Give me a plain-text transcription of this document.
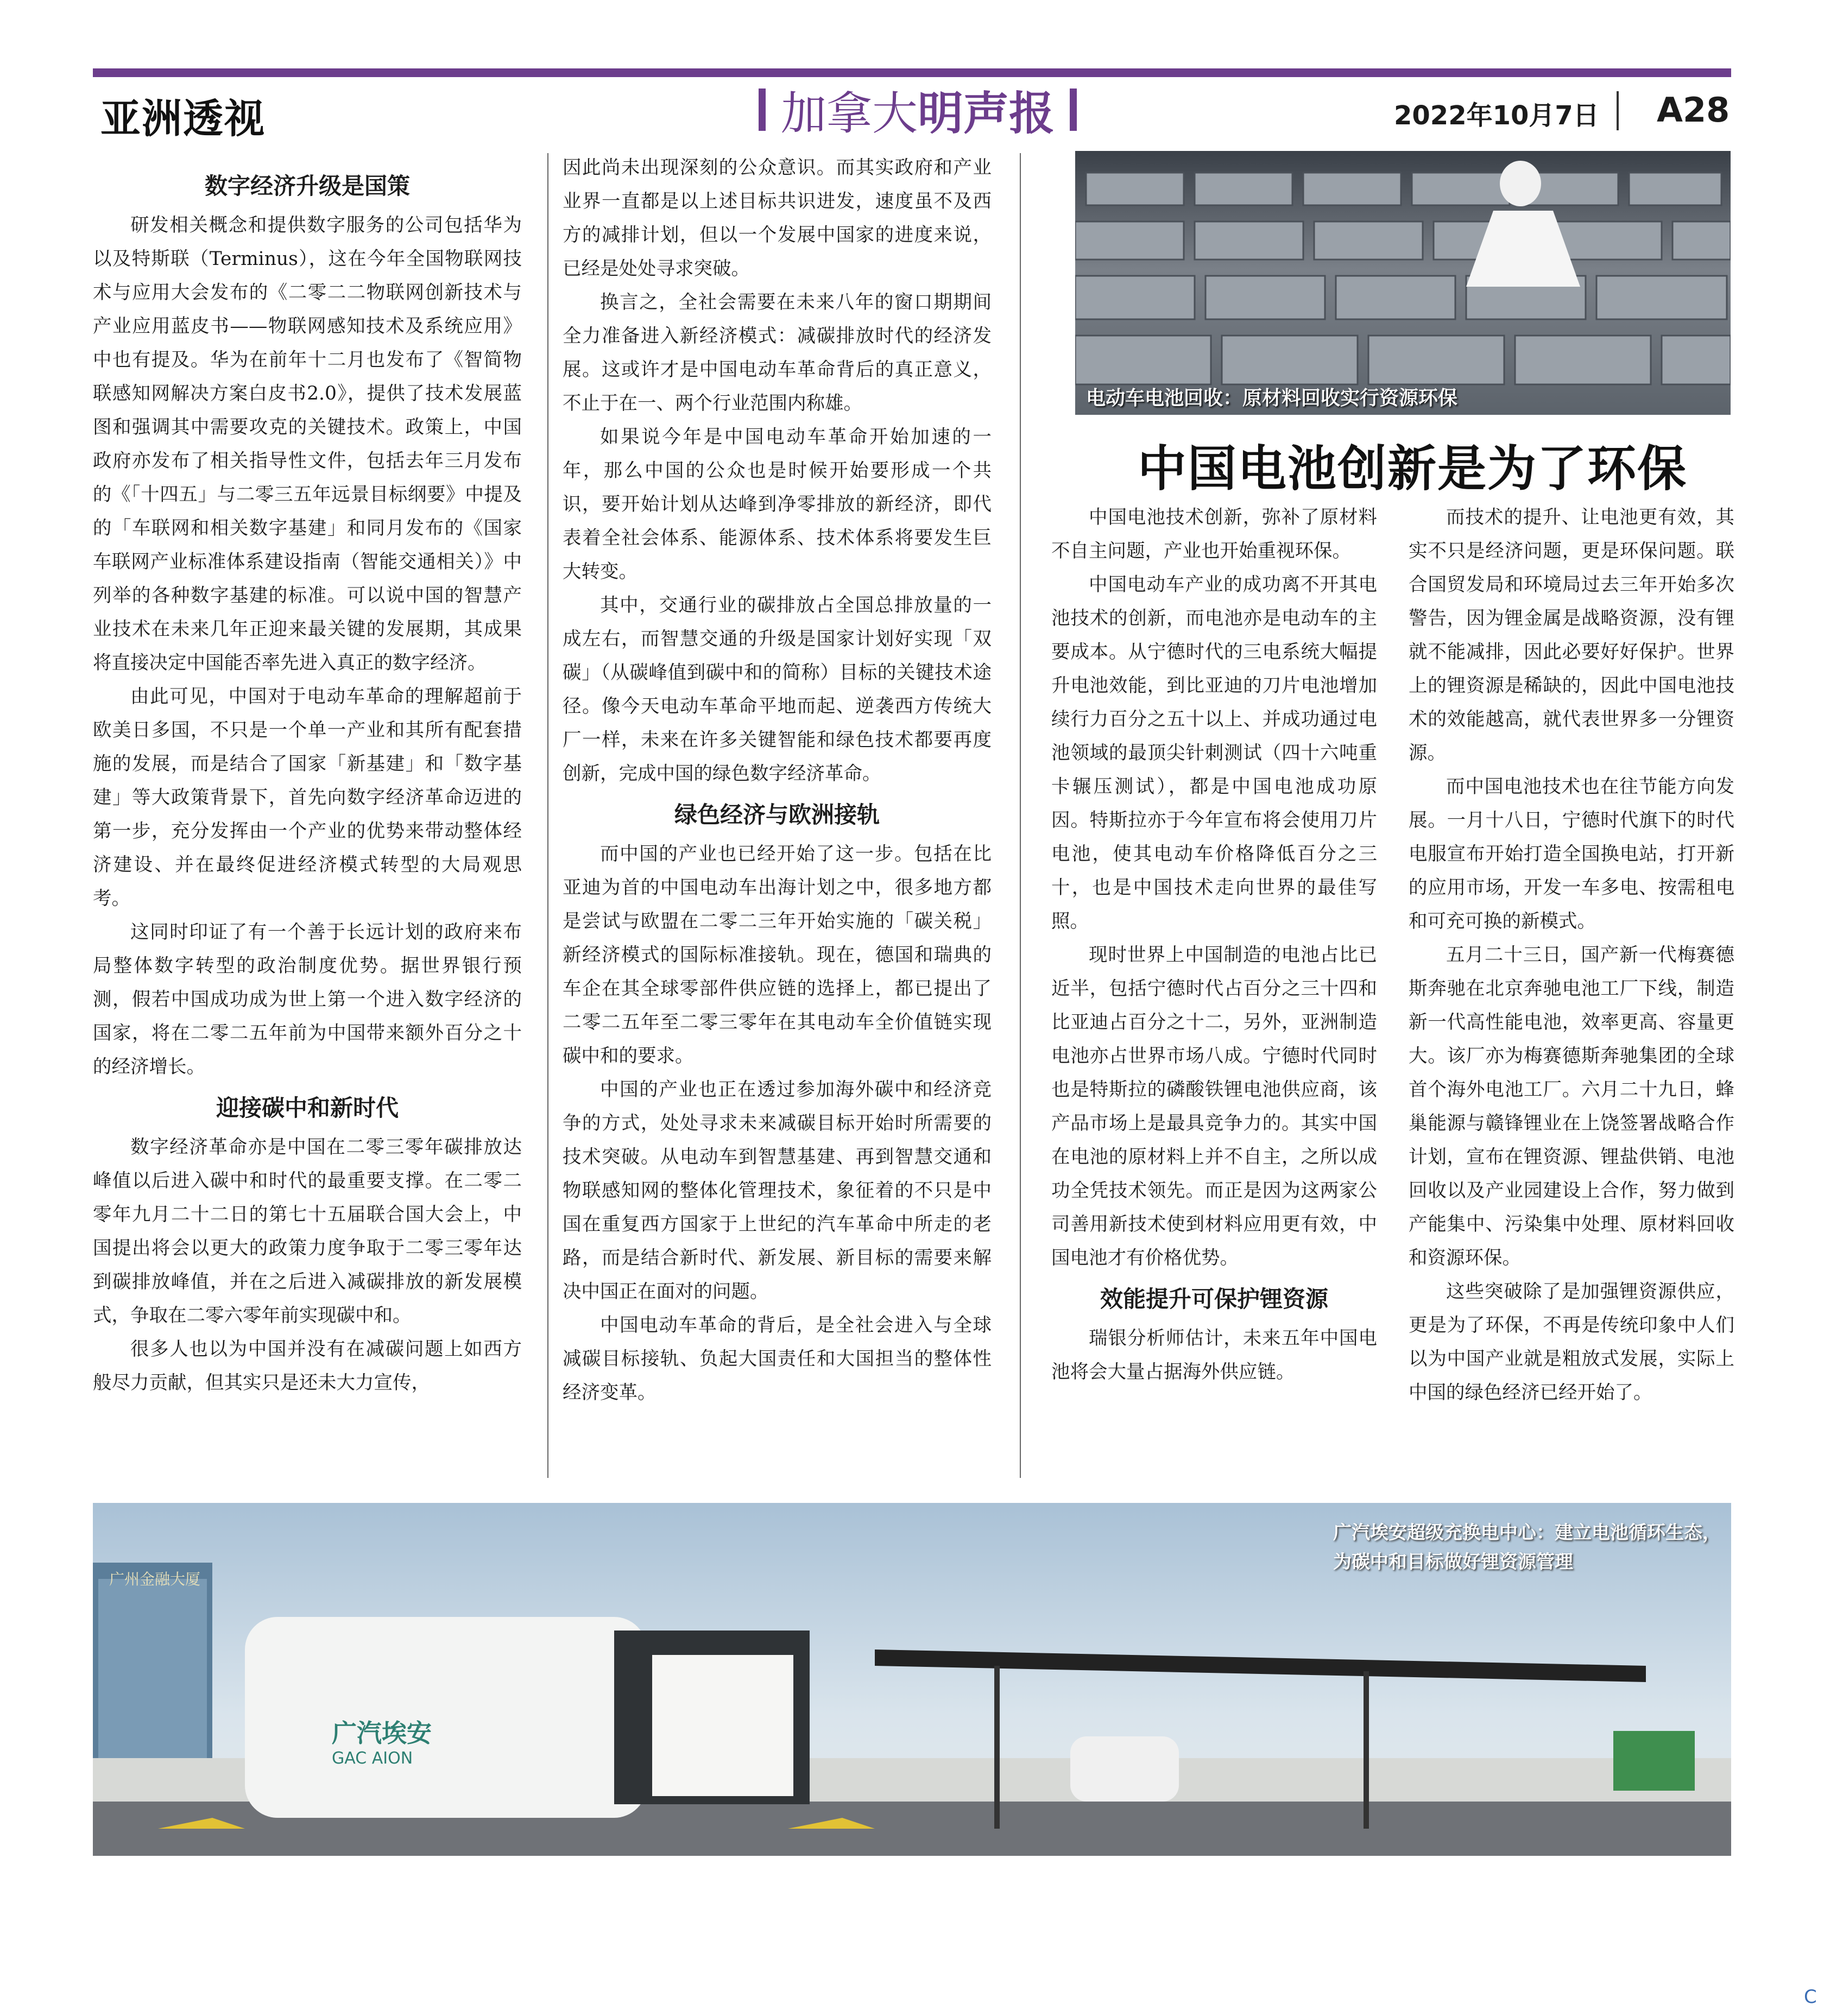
亚洲透视	加拿大 明声报	2022年10月7日 A28
数字经济升级是国策

研发相关概念和提供数字服务的公司包括华为以及特斯联（Terminus），这在今年全国物联网技术与应用大会发布的《二零二二物联网创新技术与产业应用蓝皮书——物联网感知技术及系统应用》中也有提及。华为在前年十二月也发布了《智简物联感知网解决方案白皮书2.0》，提供了技术发展蓝图和强调其中需要攻克的关键技术。政策上，中国政府亦发布了相关指导性文件，包括去年三月发布的《「十四五」与二零三五年远景目标纲要》中提及的「车联网和相关数字基建」和同月发布的《国家车联网产业标准体系建设指南（智能交通相关）》中列举的各种数字基建的标准。可以说中国的智慧产业技术在未来几年正迎来最关键的发展期，其成果将直接决定中国能否率先进入真正的数字经济。

由此可见，中国对于电动车革命的理解超前于欧美日多国，不只是一个单一产业和其所有配套措施的发展，而是结合了国家「新基建」和「数字基建」等大政策背景下，首先向数字经济革命迈进的第一步，充分发挥由一个产业的优势来带动整体经济建设、并在最终促进经济模式转型的大局观思考。

这同时印证了有一个善于长远计划的政府来布局整体数字转型的政治制度优势。据世界银行预测，假若中国成功成为世上第一个进入数字经济的国家，将在二零二五年前为中国带来额外百分之十的经济增长。

迎接碳中和新时代

数字经济革命亦是中国在二零三零年碳排放达峰值以后进入碳中和时代的最重要支撑。在二零二零年九月二十二日的第七十五届联合国大会上，中国提出将会以更大的政策力度争取于二零三零年达到碳排放峰值，并在之后进入减碳排放的新发展模式，争取在二零六零年前实现碳中和。

很多人也以为中国并没有在减碳问题上如西方般尽力贡献，但其实只是还未大力宣传，

因此尚未出现深刻的公众意识。而其实政府和产业业界一直都是以上述目标共识进发，速度虽不及西方的减排计划，但以一个发展中国家的进度来说，已经是处处寻求突破。

换言之，全社会需要在未来八年的窗口期期间全力准备进入新经济模式：减碳排放时代的经济发展。这或许才是中国电动车革命背后的真正意义，不止于在一、两个行业范围内称雄。

如果说今年是中国电动车革命开始加速的一年，那么中国的公众也是时候开始要形成一个共识，要开始计划从达峰到净零排放的新经济，即代表着全社会体系、能源体系、技术体系将要发生巨大转变。

其中，交通行业的碳排放占全国总排放量的一成左右，而智慧交通的升级是国家计划好实现「双碳」（从碳峰值到碳中和的简称）目标的关键技术途径。像今天电动车革命平地而起、逆袭西方传统大厂一样，未来在许多关键智能和绿色技术都要再度创新，完成中国的绿色数字经济革命。

绿色经济与欧洲接轨

而中国的产业也已经开始了这一步。包括在比亚迪为首的中国电动车出海计划之中，很多地方都是尝试与欧盟在二零二三年开始实施的「碳关税」新经济模式的国际标准接轨。现在，德国和瑞典的车企在其全球零部件供应链的选择上，都已提出了二零二五年至二零三零年在其电动车全价值链实现碳中和的要求。

中国的产业也正在透过参加海外碳中和经济竞争的方式，处处寻求未来减碳目标开始时所需要的技术突破。从电动车到智慧基建、再到智慧交通和物联感知网的整体化管理技术，象征着的不只是中国在重复西方国家于上世纪的汽车革命中所走的老路，而是结合新时代、新发展、新目标的需要来解决中国正在面对的问题。

中国电动车革命的背后，是全社会进入与全球减碳目标接轨、负起大国责任和大国担当的整体性经济变革。

电动车电池回收：原材料回收实行资源环保
中国电池创新是为了环保

中国电池技术创新，弥补了原材料不自主问题，产业也开始重视环保。

中国电动车产业的成功离不开其电池技术的创新，而电池亦是电动车的主要成本。从宁德时代的三电系统大幅提升电池效能，到比亚迪的刀片电池增加续行力百分之五十以上、并成功通过电池领域的最顶尖针刺测试（四十六吨重卡辗压测试），都是中国电池成功原因。特斯拉亦于今年宣布将会使用刀片电池，使其电动车价格降低百分之三十，也是中国技术走向世界的最佳写照。

现时世界上中国制造的电池占比已近半，包括宁德时代占百分之三十四和比亚迪占百分之十二，另外，亚洲制造电池亦占世界市场八成。宁德时代同时也是特斯拉的磷酸铁锂电池供应商，该产品市场上是最具竞争力的。其实中国在电池的原材料上并不自主，之所以成功全凭技术领先。而正是因为这两家公司善用新技术使到材料应用更有效，中国电池才有价格优势。

效能提升可保护锂资源

瑞银分析师估计，未来五年中国电池将会大量占据海外供应链。

而技术的提升、让电池更有效，其实不只是经济问题，更是环保问题。联合国贸发局和环境局过去三年开始多次警告，因为锂金属是战略资源，没有锂就不能减排，因此必要好好保护。世界上的锂资源是稀缺的，因此中国电池技术的效能越高，就代表世界多一分锂资源。

而中国电池技术也在往节能方向发展。一月十八日，宁德时代旗下的时代电服宣布开始打造全国换电站，打开新的应用市场，开发一车多电、按需租电和可充可换的新模式。

五月二十三日，国产新一代梅赛德斯奔驰在北京奔驰电池工厂下线，制造新一代高性能电池，效率更高、容量更大。该厂亦为梅赛德斯奔驰集团的全球首个海外电池工厂。六月二十九日，蜂巢能源与赣锋锂业在上饶签署战略合作计划，宣布在锂资源、锂盐供销、电池回收以及产业园建设上合作，努力做到产能集中、污染集中处理、原材料回收和资源环保。

这些突破除了是加强锂资源供应，更是为了环保，不再是传统印象中人们以为中国产业就是粗放式发展，实际上中国的绿色经济已经开始了。

广州金融大厦
广汽埃安
GAC AION
广汽埃安超级充换电中心：建立电池循环生态，为碳中和目标做好锂资源管理
C
